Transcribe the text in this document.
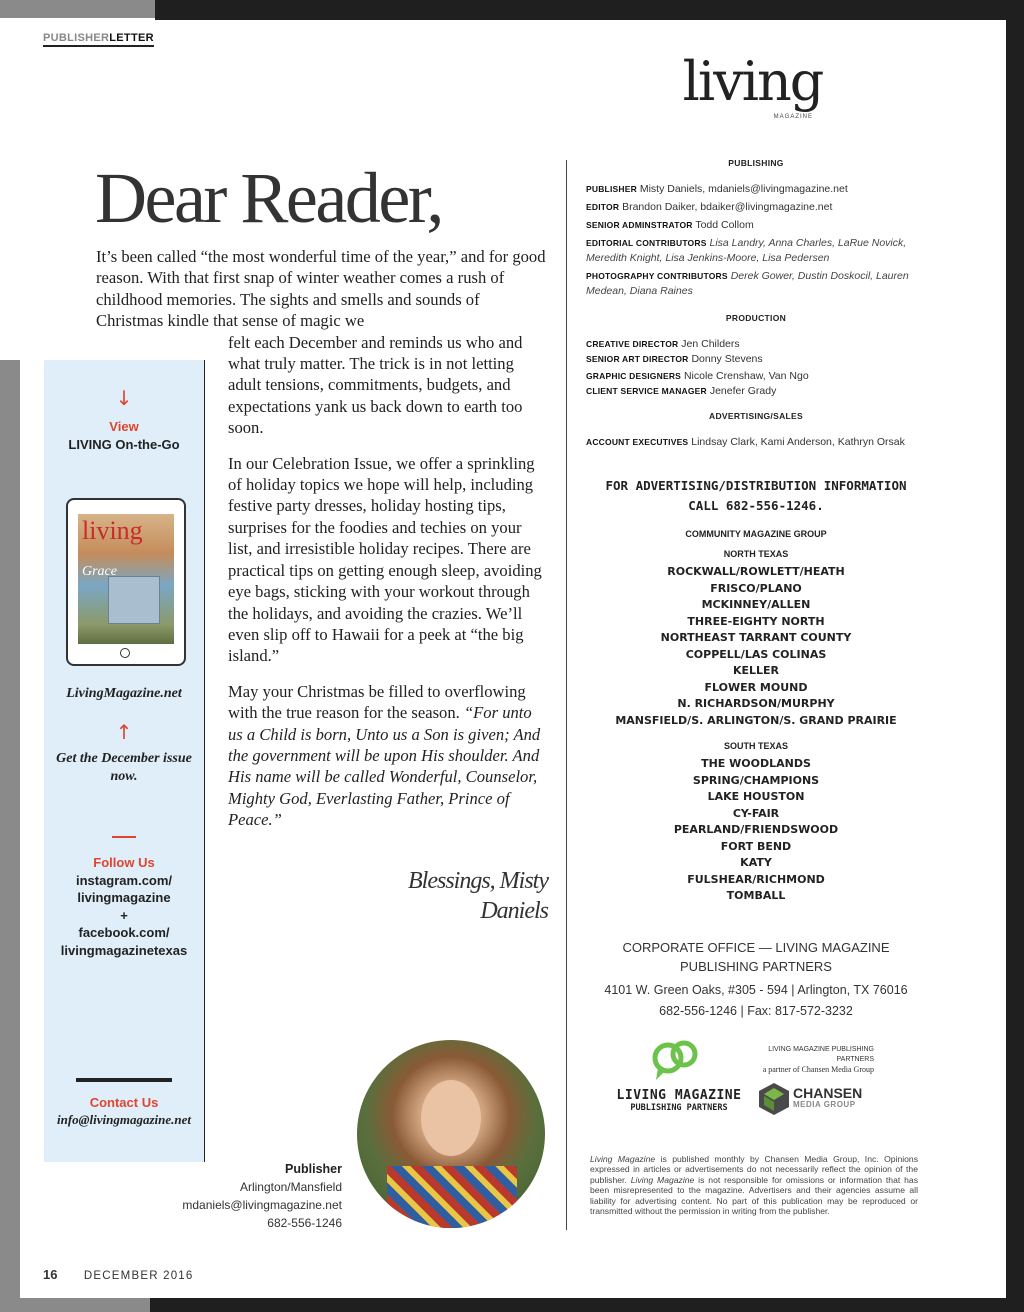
PUBLISHERLETTER
living
MAGAZINE
Dear Reader,

It’s been called “the most wonderful time of the year,” and for good reason. With that first snap of winter weather comes a rush of childhood memories. The sights and smells and sounds of Christmas kindle that sense of magic we

felt each December and reminds us who and what truly matter. The trick is in not letting adult tensions, commitments, budgets, and expectations yank us back down to earth too soon.

In our Celebration Issue, we offer a sprinkling of holiday topics we hope will help, including festive party dresses, holiday hosting tips, surprises for the foodies and techies on your list, and irresistible holiday recipes. There are practical tips on getting enough sleep, avoiding eye bags, sticking with your workout through the holidays, and avoiding the crazies. We’ll even slip off to Hawaii for a peek at “the big island.”

May your Christmas be filled to overflowing with the true reason for the season. “For unto us a Child is born, Unto us a Son is given; And the government will be upon His shoulder. And His name will be called Wonderful, Counselor, Mighty God, Everlasting Father, Prince of Peace.”

Blessings, Misty Daniels
↓
View
LIVING On-the-Go
LivingMagazine.net
↑
Get the December issue now.
Follow Us
instagram.com/
livingmagazine
+
facebook.com/
livingmagazinetexas
Contact Us
info@livingmagazine.net
living
Grace
Publisher
Arlington/Mansfield
mdaniels@livingmagazine.net
682-556-1246
PUBLISHING
PUBLISHER Misty Daniels, mdaniels@livingmagazine.net
EDITOR Brandon Daiker, bdaiker@livingmagazine.net
SENIOR ADMINSTRATOR Todd Collom
EDITORIAL CONTRIBUTORS Lisa Landry, Anna Charles, LaRue Novick, Meredith Knight, Lisa Jenkins-Moore, Lisa Pedersen
PHOTOGRAPHY CONTRIBUTORS Derek Gower, Dustin Doskocil, Lauren Medean, Diana Raines
PRODUCTION
CREATIVE DIRECTOR Jen Childers
SENIOR ART DIRECTOR Donny Stevens
GRAPHIC DESIGNERS Nicole Crenshaw, Van Ngo
CLIENT SERVICE MANAGER Jenefer Grady
ADVERTISING/SALES
ACCOUNT EXECUTIVES Lindsay Clark, Kami Anderson, Kathryn Orsak
FOR ADVERTISING/DISTRIBUTION INFORMATION
CALL 682-556-1246.
COMMUNITY MAGAZINE GROUP
NORTH TEXAS
ROCKWALL/ROWLETT/HEATH
FRISCO/PLANO
MCKINNEY/ALLEN
THREE-EIGHTY NORTH
NORTHEAST TARRANT COUNTY
COPPELL/LAS COLINAS
KELLER
FLOWER MOUND
N. RICHARDSON/MURPHY
MANSFIELD/S. ARLINGTON/S. GRAND PRAIRIE
SOUTH TEXAS
THE WOODLANDS
SPRING/CHAMPIONS
LAKE HOUSTON
CY-FAIR
PEARLAND/FRIENDSWOOD
FORT BEND
KATY
FULSHEAR/RICHMOND
TOMBALL
CORPORATE OFFICE — LIVING MAGAZINE
PUBLISHING PARTNERS
4101 W. Green Oaks, #305 - 594 | Arlington, TX 76016
682-556-1246 | Fax: 817-572-3232
LIVING MAGAZINE
PUBLISHING PARTNERS
LIVING MAGAZINE PUBLISHING PARTNERS
a partner of Chansen Media Group
CHANSEN
MEDIA GROUP
Living Magazine is published monthly by Chansen Media Group, Inc. Opinions expressed in articles or advertisements do not necessarily reflect the opinion of the publisher. Living Magazine is not responsible for omissions or information that has been misrepresented to the magazine. Advertisers and their agencies assume all liability for advertising content. No part of this publication may be reproduced or transmitted without the permission in writing from the publisher.
16 DECEMBER 2016
